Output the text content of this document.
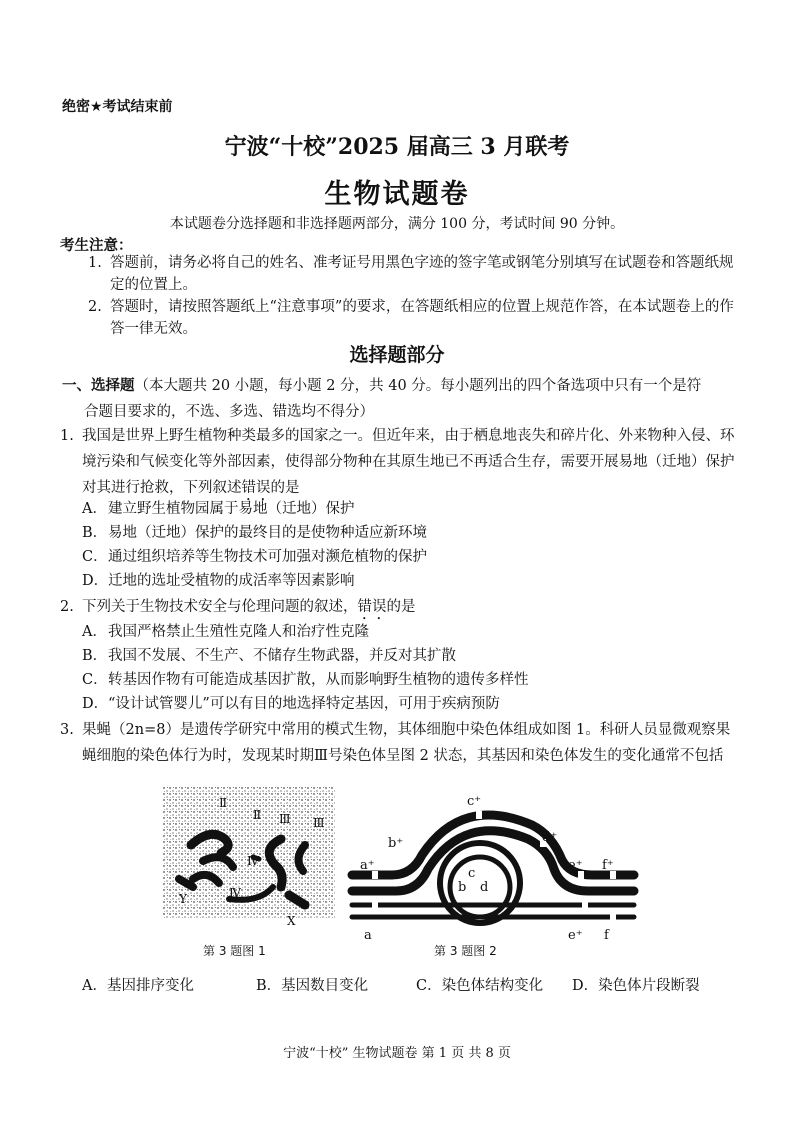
绝密★考试结束前
宁波“十校”2025 届高三 3 月联考
生物试题卷
本试题卷分选择题和非选择题两部分，满分 100 分，考试时间 90 分钟。
考生注意：
1. 答题前，请务必将自己的姓名、准考证号用黑色字迹的签字笔或钢笔分别填写在试题卷和答题纸规定的位置上。
2. 答题时，请按照答题纸上“注意事项”的要求，在答题纸相应的位置上规范作答，在本试题卷上的作答一律无效。
选择题部分
一、选择题（本大题共 20 小题，每小题 2 分，共 40 分。每小题列出的四个备选项中只有一个是符
合题目要求的，不选、多选、错选均不得分）
1. 我国是世界上野生植物种类最多的国家之一。但近年来，由于栖息地丧失和碎片化、外来物种入侵、环境污染和气候变化等外部因素，使得部分物种在其原生地已不再适合生存，需要开展易地（迁地）保护对其进行抢救，下列叙述错误的是
A．建立野生植物园属于易地（迁地）保护
B．易地（迁地）保护的最终目的是使物种适应新环境
C．通过组织培养等生物技术可加强对濒危植物的保护
D．迁地的选址受植物的成活率等因素影响
2. 下列关于生物技术安全与伦理问题的叙述，错误的是
A．我国严格禁止生殖性克隆人和治疗性克隆
B．我国不发展、不生产、不储存生物武器，并反对其扩散
C．转基因作物有可能造成基因扩散，从而影响野生植物的遗传多样性
D．“设计试管婴儿”可以有目的地选择特定基因，可用于疾病预防
3. 果蝇（2n=8）是遗传学研究中常用的模式生物，其体细胞中染色体组成如图 1。科研人员显微观察果蝇细胞的染色体行为时，发现某时期Ⅲ号染色体呈图 2 状态，其基因和染色体发生的变化通常不包括
Ⅱ
Ⅱ Ⅲ Ⅲ
Ⅳ
Ⅳ
Y
X
第 3 题图 1
c⁺
b⁺	d⁺
a⁺	e⁺ f⁺
c
b d
e⁺
a	f
第 3 题图 2
A．基因排序变化	B．基因数目变化	C．染色体结构变化	D．染色体片段断裂
宁波“十校” 生物试题卷 第 1 页 共 8 页
